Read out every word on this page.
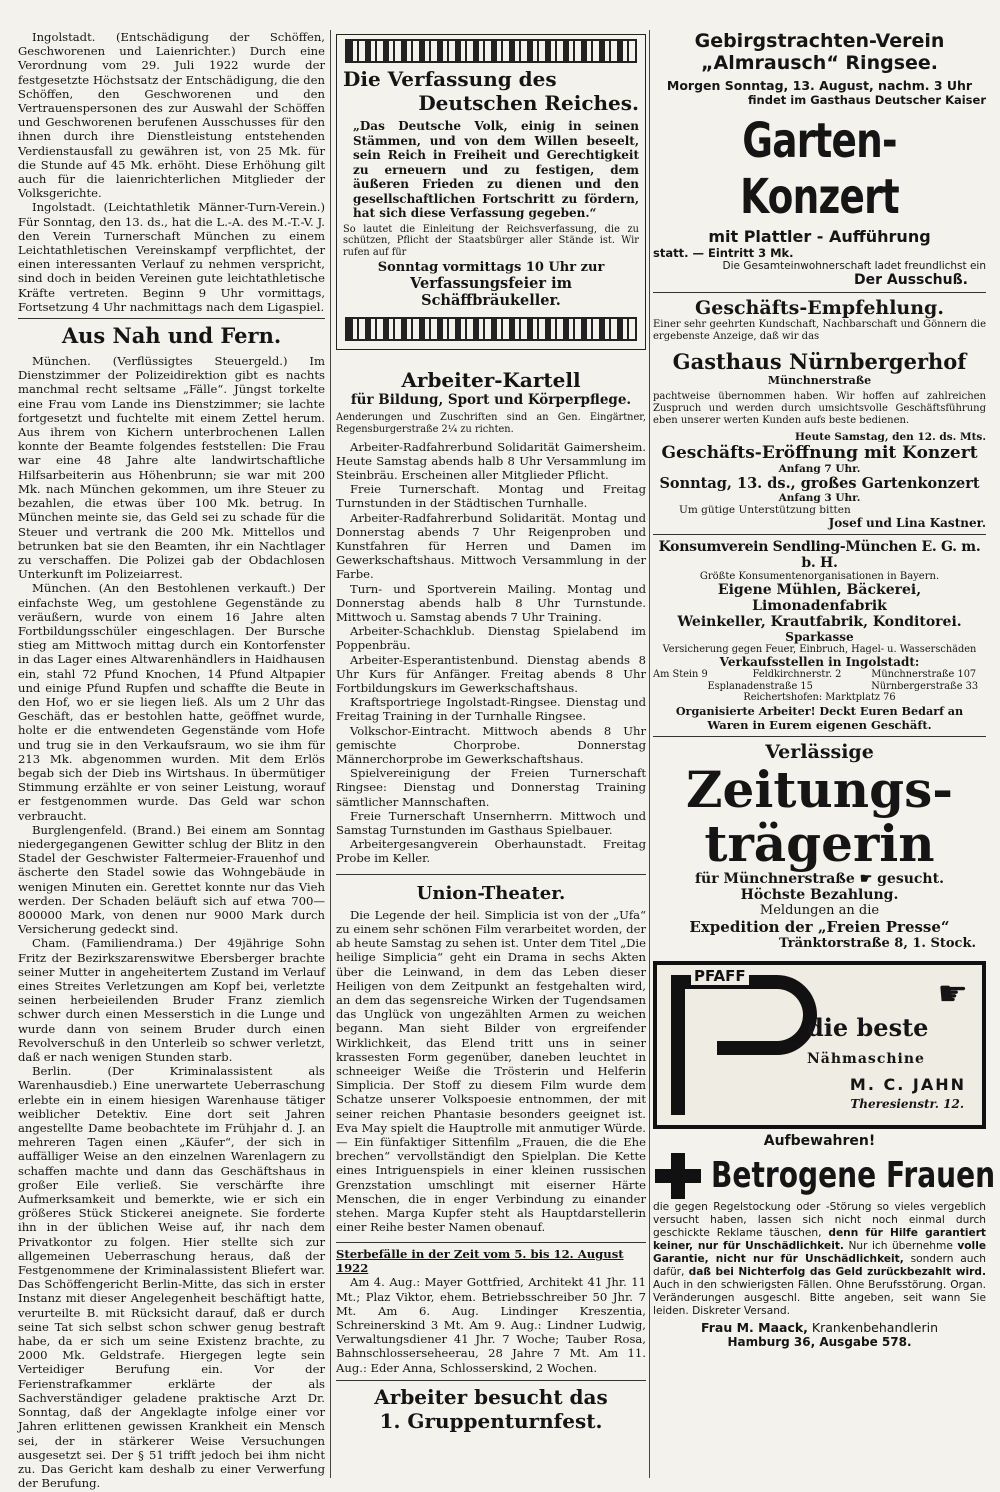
Ingolstadt. (Entschädigung der Schöffen, Geschworenen und Laienrichter.) Durch eine Verordnung vom 29. Juli 1922 wurde der festgesetzte Höchstsatz der Entschädigung, die den Schöffen, den Geschworenen und den Vertrauenspersonen des zur Auswahl der Schöffen und Geschworenen berufenen Ausschusses für den ihnen durch ihre Dienstleistung entstehenden Verdienstausfall zu gewähren ist, von 25 Mk. für die Stunde auf 45 Mk. erhöht. Diese Erhöhung gilt auch für die laienrichterlichen Mitglieder der Volksgerichte.

Ingolstadt. (Leichtathletik Männer-Turn-Verein.) Für Sonntag, den 13. ds., hat die L.-A. des M.-T.-V. J. den Verein Turnerschaft München zu einem Leichtathletischen Vereinskampf verpflichtet, der einen interessanten Verlauf zu nehmen verspricht, sind doch in beiden Vereinen gute leichtathletische Kräfte vertreten. Beginn 9 Uhr vormittags, Fortsetzung 4 Uhr nachmittags nach dem Ligaspiel.

Aus Nah und Fern.

München. (Verflüssigtes Steuergeld.) Im Dienstzimmer der Polizeidirektion gibt es nachts manchmal recht seltsame „Fälle“. Jüngst torkelte eine Frau vom Lande ins Dienstzimmer; sie lachte fortgesetzt und fuchtelte mit einem Zettel herum. Aus ihrem von Kichern unterbrochenen Lallen konnte der Beamte folgendes feststellen: Die Frau war eine 48 Jahre alte landwirtschaftliche Hilfsarbeiterin aus Höhenbrunn; sie war mit 200 Mk. nach München gekommen, um ihre Steuer zu bezahlen, die etwas über 100 Mk. betrug. In München meinte sie, das Geld sei zu schade für die Steuer und vertrank die 200 Mk. Mittellos und betrunken bat sie den Beamten, ihr ein Nachtlager zu verschaffen. Die Polizei gab der Obdachlosen Unterkunft im Polizeiarrest.

München. (An den Bestohlenen verkauft.) Der einfachste Weg, um gestohlene Gegenstände zu veräußern, wurde von einem 16 Jahre alten Fortbildungsschüler eingeschlagen. Der Bursche stieg am Mittwoch mittag durch ein Kontorfenster in das Lager eines Altwarenhändlers in Haidhausen ein, stahl 72 Pfund Knochen, 14 Pfund Altpapier und einige Pfund Rupfen und schaffte die Beute in den Hof, wo er sie liegen ließ. Als um 2 Uhr das Geschäft, das er bestohlen hatte, geöffnet wurde, holte er die entwendeten Gegenstände vom Hofe und trug sie in den Verkaufsraum, wo sie ihm für 213 Mk. abgenommen wurden. Mit dem Erlös begab sich der Dieb ins Wirtshaus. In übermütiger Stimmung erzählte er von seiner Leistung, worauf er festgenommen wurde. Das Geld war schon verbraucht.

Burglengenfeld. (Brand.) Bei einem am Sonntag niedergegangenen Gewitter schlug der Blitz in den Stadel der Geschwister Faltermeier-Frauenhof und äscherte den Stadel sowie das Wohngebäude in wenigen Minuten ein. Gerettet konnte nur das Vieh werden. Der Schaden beläuft sich auf etwa 700—800000 Mark, von denen nur 9000 Mark durch Versicherung gedeckt sind.

Cham. (Familiendrama.) Der 49jährige Sohn Fritz der Bezirkszarenswitwe Ebersberger brachte seiner Mutter in angeheitertem Zustand im Verlauf eines Streites Verletzungen am Kopf bei, verletzte seinen herbeieilenden Bruder Franz ziemlich schwer durch einen Messerstich in die Lunge und wurde dann von seinem Bruder durch einen Revolverschuß in den Unterleib so schwer verletzt, daß er nach wenigen Stunden starb.

Berlin. (Der Kriminalassistent als Warenhausdieb.) Eine unerwartete Ueberraschung erlebte ein in einem hiesigen Warenhause tätiger weiblicher Detektiv. Eine dort seit Jahren angestellte Dame beobachtete im Frühjahr d. J. an mehreren Tagen einen „Käufer“, der sich in auffälliger Weise an den einzelnen Warenlagern zu schaffen machte und dann das Geschäftshaus in großer Eile verließ. Sie verschärfte ihre Aufmerksamkeit und bemerkte, wie er sich ein größeres Stück Stickerei aneignete. Sie forderte ihn in der üblichen Weise auf, ihr nach dem Privatkontor zu folgen. Hier stellte sich zur allgemeinen Ueberraschung heraus, daß der Festgenommene der Kriminalassistent Bliefert war. Das Schöffengericht Berlin-Mitte, das sich in erster Instanz mit dieser Angelegenheit beschäftigt hatte, verurteilte B. mit Rücksicht darauf, daß er durch seine Tat sich selbst schon schwer genug bestraft habe, da er sich um seine Existenz brachte, zu 2000 Mk. Geldstrafe. Hiergegen legte sein Verteidiger Berufung ein. Vor der Ferienstrafkammer erklärte der als Sachverständiger geladene praktische Arzt Dr. Sonntag, daß der Angeklagte infolge einer vor Jahren erlittenen gewissen Krankheit ein Mensch sei, der in stärkerer Weise Versuchungen ausgesetzt sei. Der § 51 trifft jedoch bei ihm nicht zu. Das Gericht kam deshalb zu einer Verwerfung der Berufung.

Die Verfassung des
Deutschen Reiches.

„Das Deutsche Volk, einig in seinen Stämmen, und von dem Willen beseelt, sein Reich in Freiheit und Gerechtigkeit zu erneuern und zu festigen, dem äußeren Frieden zu dienen und den gesellschaftlichen Fortschritt zu fördern, hat sich diese Verfassung gegeben.“

So lautet die Einleitung der Reichsverfassung, die zu schützen, Pflicht der Staatsbürger aller Stände ist. Wir rufen auf für

Sonntag vormittags 10 Uhr zur
Verfassungsfeier im Schäffbräukeller.
Arbeiter-Kartell
für Bildung, Sport und Körperpflege.

Aenderungen und Zuschriften sind an Gen. Eingärtner, Regensburgerstraße 2¹⁄₄ zu richten.

Arbeiter-Radfahrerbund Solidarität Gaimersheim. Heute Samstag abends halb 8 Uhr Versammlung im Steinbräu. Erscheinen aller Mitglieder Pflicht.

Freie Turnerschaft. Montag und Freitag Turnstunden in der Städtischen Turnhalle.

Arbeiter-Radfahrerbund Solidarität. Montag und Donnerstag abends 7 Uhr Reigenproben und Kunstfahren für Herren und Damen im Gewerkschaftshaus. Mittwoch Versammlung in der Farbe.

Turn- und Sportverein Mailing. Montag und Donnerstag abends halb 8 Uhr Turnstunde. Mittwoch u. Samstag abends 7 Uhr Training.

Arbeiter-Schachklub. Dienstag Spielabend im Poppenbräu.

Arbeiter-Esperantistenbund. Dienstag abends 8 Uhr Kurs für Anfänger. Freitag abends 8 Uhr Fortbildungskurs im Gewerkschaftshaus.

Kraftsportriege Ingolstadt-Ringsee. Dienstag und Freitag Training in der Turnhalle Ringsee.

Volkschor-Eintracht. Mittwoch abends 8 Uhr gemischte Chorprobe. Donnerstag Männerchorprobe im Gewerkschaftshaus.

Spielvereinigung der Freien Turnerschaft Ringsee: Dienstag und Donnerstag Training sämtlicher Mannschaften.

Freie Turnerschaft Unsernherrn. Mittwoch und Samstag Turnstunden im Gasthaus Spielbauer.

Arbeitergesangverein Oberhaunstadt. Freitag Probe im Keller.

Union-Theater.

Die Legende der heil. Simplicia ist von der „Ufa“ zu einem sehr schönen Film verarbeitet worden, der ab heute Samstag zu sehen ist. Unter dem Titel „Die heilige Simplicia“ geht ein Drama in sechs Akten über die Leinwand, in dem das Leben dieser Heiligen von dem Zeitpunkt an festgehalten wird, an dem das segensreiche Wirken der Tugendsamen das Unglück von ungezählten Armen zu weichen begann. Man sieht Bilder von ergreifender Wirklichkeit, das Elend tritt uns in seiner krassesten Form gegenüber, daneben leuchtet in schneeiger Weiße die Trösterin und Helferin Simplicia. Der Stoff zu diesem Film wurde dem Schatze unserer Volkspoesie entnommen, der mit seiner reichen Phantasie besonders geeignet ist. Eva May spielt die Hauptrolle mit anmutiger Würde. — Ein fünfaktiger Sittenfilm „Frauen, die die Ehe brechen“ vervollständigt den Spielplan. Die Kette eines Intriguenspiels in einer kleinen russischen Grenzstation umschlingt mit eiserner Härte Menschen, die in enger Verbindung zu einander stehen. Marga Kupfer steht als Hauptdarstellerin einer Reihe bester Namen obenauf.

Sterbefälle in der Zeit vom 5. bis 12. August 1922

Am 4. Aug.: Mayer Gottfried, Architekt 41 Jhr. 11 Mt.; Plaz Viktor, ehem. Betriebsschreiber 50 Jhr. 7 Mt. Am 6. Aug. Lindinger Kreszentia, Schreinerskind 3 Mt. Am 9. Aug.: Lindner Ludwig, Verwaltungsdiener 41 Jhr. 7 Woche; Tauber Rosa, Bahnschlosserseheerau, 28 Jahre 7 Mt. Am 11. Aug.: Eder Anna, Schlosserskind, 2 Wochen.

Arbeiter besucht das
1. Gruppenturnfest.
Gebirgstrachten-Verein
„Almrausch“ Ringsee.
Morgen Sonntag, 13. August, nachm. 3 Uhr
findet im Gasthaus Deutscher Kaiser
Garten-Konzert
mit Plattler - Aufführung
statt. — Eintritt 3 Mk.
Die Gesamteinwohnerschaft ladet freundlichst ein
Der Ausschuß.
Geschäfts-Empfehlung.

Einer sehr geehrten Kundschaft, Nachbarschaft und Gönnern die ergebenste Anzeige, daß wir das

Gasthaus Nürnbergerhof
Münchnerstraße

pachtweise übernommen haben. Wir hoffen auf zahlreichen Zuspruch und werden durch umsichtsvolle Geschäftsführung eben unserer werten Kunden aufs beste bedienen.

Heute Samstag, den 12. ds. Mts.
Geschäfts-Eröffnung mit Konzert
Anfang 7 Uhr.
Sonntag, 13. ds., großes Gartenkonzert
Anfang 3 Uhr.
Um gütige Unterstützung bitten
Josef und Lina Kastner.
Konsumverein Sendling-München E. G. m. b. H.
Größte Konsumentenorganisationen in Bayern.
Eigene Mühlen, Bäckerei, Limonadenfabrik
Weinkeller, Krautfabrik, Konditorei.
Sparkasse
Versicherung gegen Feuer, Einbruch, Hagel- u. Wasserschäden
Verkaufsstellen in Ingolstadt:
Am Stein 9	Feldkirchnerstr. 2	Münchnerstraße 107
Esplanadenstraße 15	Nürnbergerstraße 33
Reichertshofen: Marktplatz 76
Organisierte Arbeiter! Deckt Euren Bedarf an
Waren in Eurem eigenen Geschäft.
Verlässige
Zeitungs-
trägerin
für Münchnerstraße ☛ gesucht.
Höchste Bezahlung.
Meldungen an die
Expedition der „Freien Presse“
Tränktorstraße 8, 1. Stock.
PFAFF	☛
die beste
Nähmaschine
M. C. JAHN
Theresienstr. 12.
Aufbewahren!
Betrogene Frauen

die gegen Regelstockung oder -Störung so vieles vergeblich versucht haben, lassen sich nicht noch einmal durch geschickte Reklame täuschen, denn für Hilfe garantiert keiner, nur für Unschädlichkeit. Nur ich übernehme volle Garantie, nicht nur für Unschädlichkeit, sondern auch dafür, daß bei Nichterfolg das Geld zurückbezahlt wird. Auch in den schwierigsten Fällen. Ohne Berufsstörung. Organ. Veränderungen ausgeschl. Bitte angeben, seit wann Sie leiden. Diskreter Versand.

Frau M. Maack, Krankenbehandlerin
Hamburg 36, Ausgabe 578.
